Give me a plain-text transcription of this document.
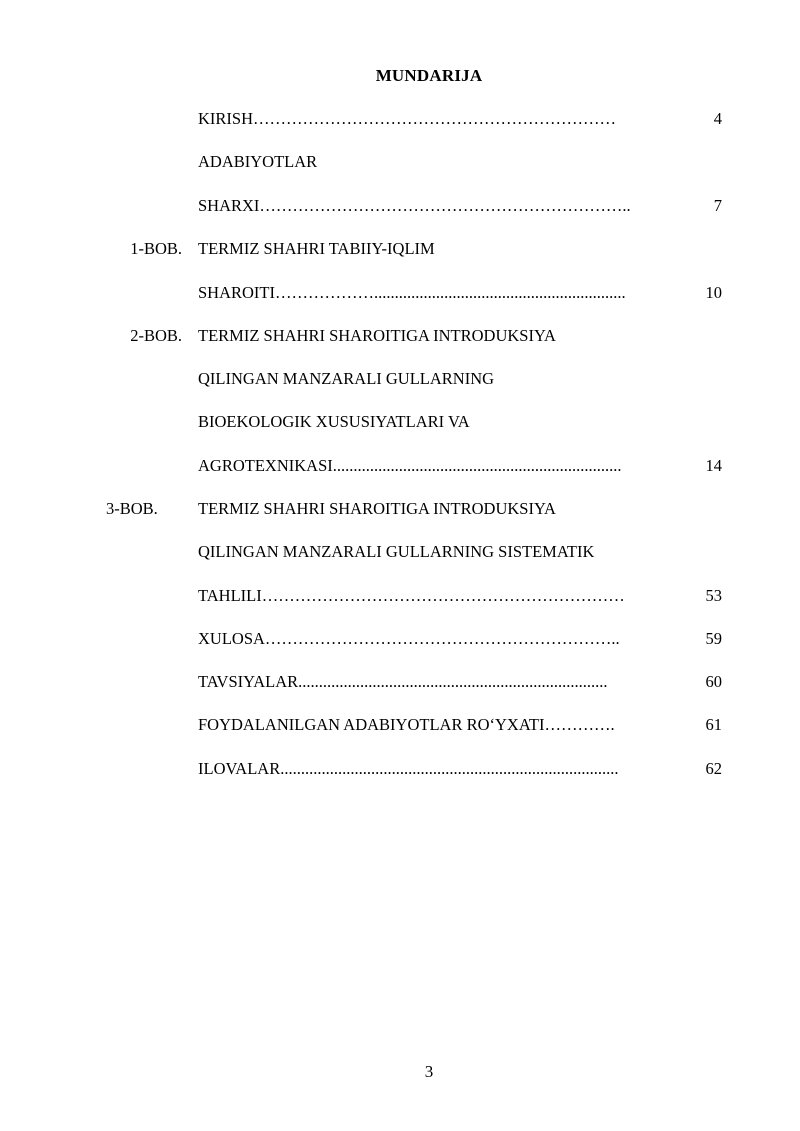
MUNDARIJA
KIRISH…………………………………………………………	4
ADABIYOTLAR
SHARXI…………………………………………………………..	7
1-BOB. TERMIZ SHAHRI TABIIY-IQLIM
SHAROITI……………….............................................................	10
2-BOB. TERMIZ SHAHRI SHAROITIGA INTRODUKSIYA
QILINGAN MANZARALI GULLARNING
BIOEKOLOGIK XUSUSIYATLARI VA
AGROTEXNIKASI......................................................................	14
3-BOB.	TERMIZ SHAHRI SHAROITIGA INTRODUKSIYA
QILINGAN MANZARALI GULLARNING SISTEMATIK
TAHLILI…………………………………………………………	53
XULOSA………………………………………………………..	59
TAVSIYALAR...........................................................................	60
FOYDALANILGAN ADABIYOTLAR RO‘YXATI………….	61
ILOVALAR..................................................................................	62
3
